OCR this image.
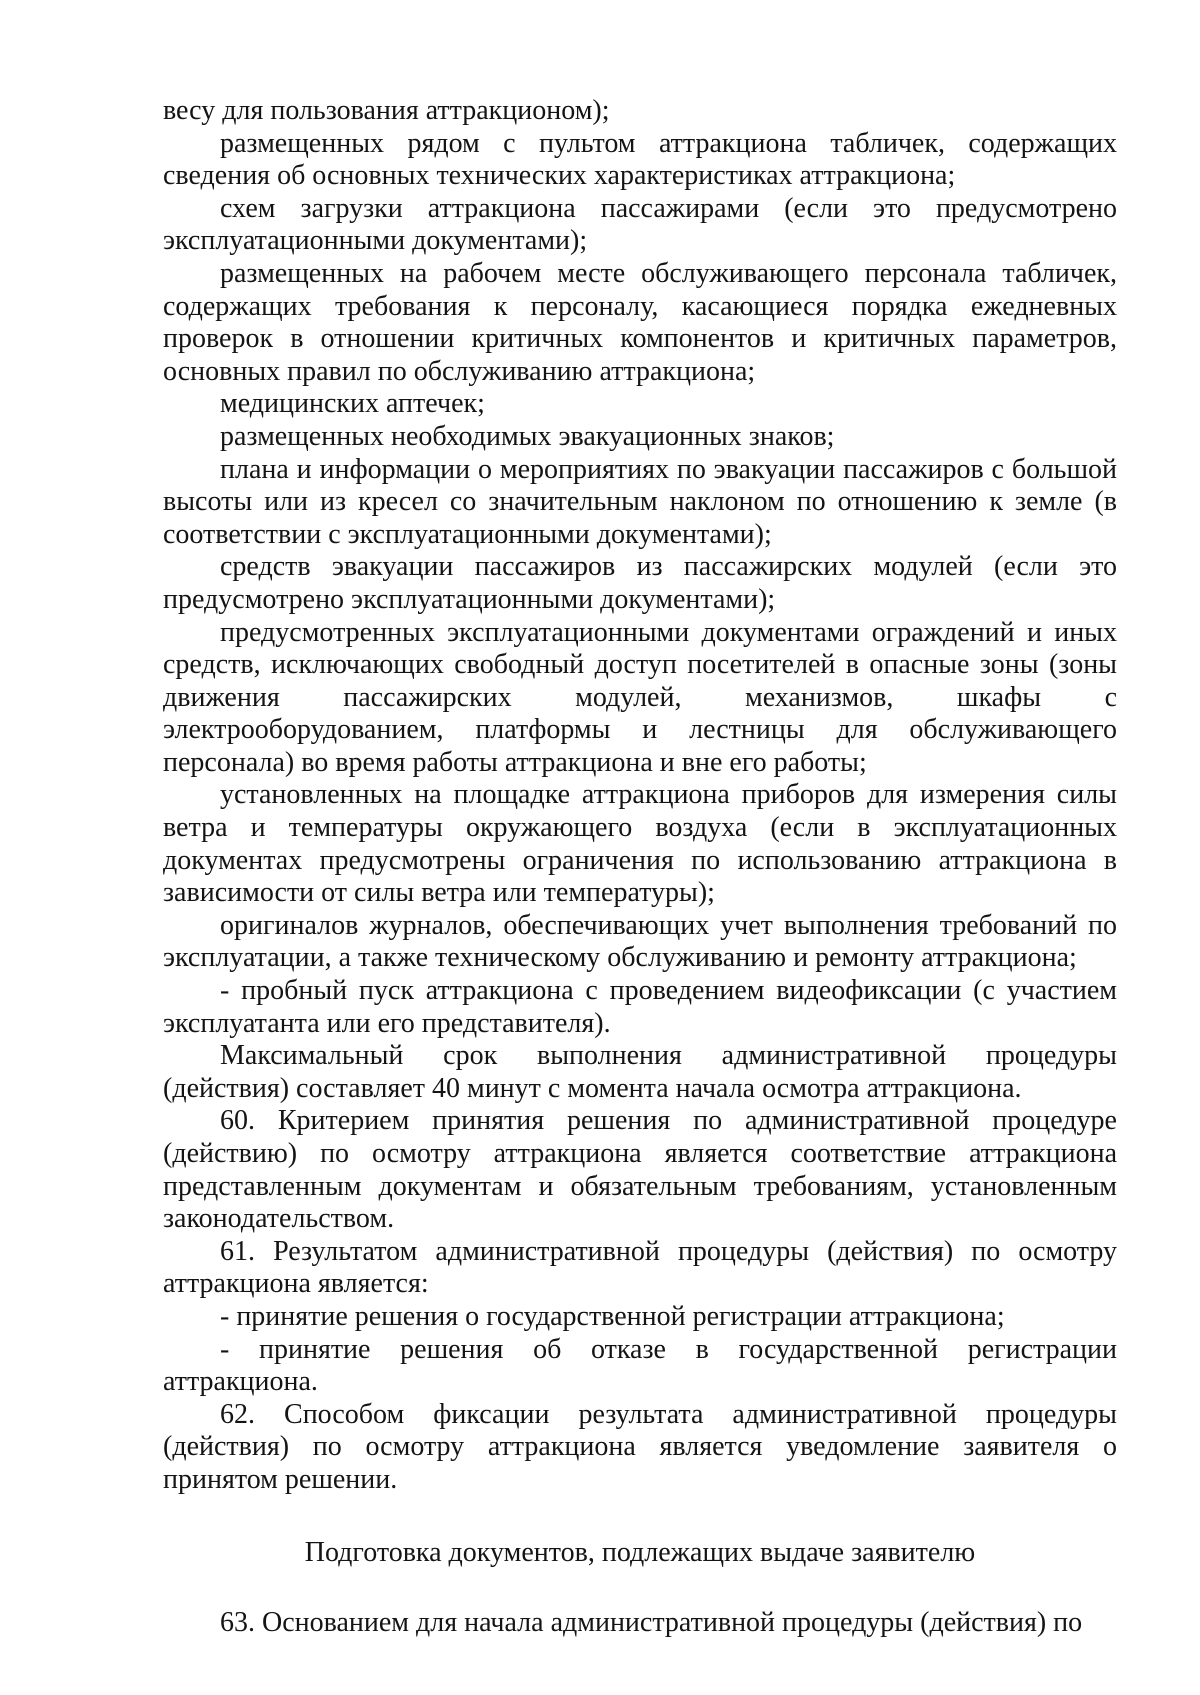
весу для пользования аттракционом);

размещенных рядом с пультом аттракциона табличек, содержащих сведения об основных технических характеристиках аттракциона;

схем загрузки аттракциона пассажирами (если это предусмотрено эксплуатационными документами);

размещенных на рабочем месте обслуживающего персонала табличек, содержащих требования к персоналу, касающиеся порядка ежедневных проверок в отношении критичных компонентов и критичных параметров, основных правил по обслуживанию аттракциона;

медицинских аптечек;

размещенных необходимых эвакуационных знаков;

плана и информации о мероприятиях по эвакуации пассажиров с большой высоты или из кресел со значительным наклоном по отношению к земле (в соответствии с эксплуатационными документами);

средств эвакуации пассажиров из пассажирских модулей (если это предусмотрено эксплуатационными документами);

предусмотренных эксплуатационными документами ограждений и иных средств, исключающих свободный доступ посетителей в опасные зоны (зоны движения пассажирских модулей, механизмов, шкафы с электрооборудованием, платформы и лестницы для обслуживающего персонала) во время работы аттракциона и вне его работы;

установленных на площадке аттракциона приборов для измерения силы ветра и температуры окружающего воздуха (если в эксплуатационных документах предусмотрены ограничения по использованию аттракциона в зависимости от силы ветра или температуры);

оригиналов журналов, обеспечивающих учет выполнения требований по эксплуатации, а также техническому обслуживанию и ремонту аттракциона;

- пробный пуск аттракциона с проведением видеофиксации (с участием эксплуатанта или его представителя).

Максимальный срок выполнения административной процедуры (действия) составляет 40 минут с момента начала осмотра аттракциона.

60. Критерием принятия решения по административной процедуре (действию) по осмотру аттракциона является соответствие аттракциона представленным документам и обязательным требованиям, установленным законодательством.

61. Результатом административной процедуры (действия) по осмотру аттракциона является:

- принятие решения о государственной регистрации аттракциона;

- принятие решения об отказе в государственной регистрации аттракциона.

62. Способом фиксации результата административной процедуры (действия) по осмотру аттракциона является уведомление заявителя о принятом решении.

Подготовка документов, подлежащих выдаче заявителю

63. Основанием для начала административной процедуры (действия) по
